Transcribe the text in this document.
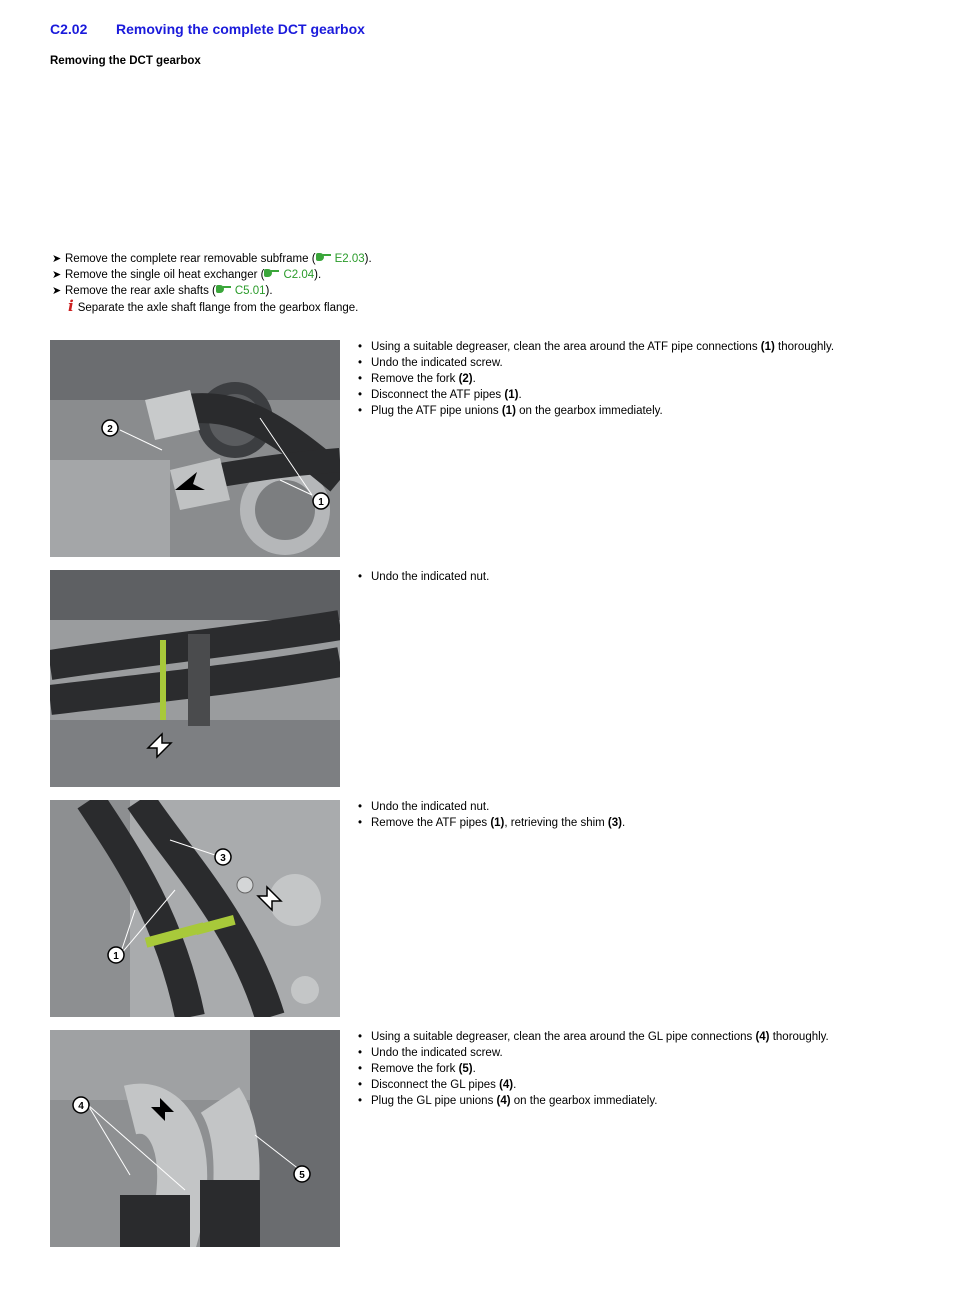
C2.02 Removing the complete DCT gearbox
Removing the DCT gearbox
➤ Remove the complete rear removable subframe ( E2.03).
➤ Remove the single oil heat exchanger ( C2.04).
➤ Remove the rear axle shafts ( C5.01).
i Separate the axle shaft flange from the gearbox flange.
2
1
• Using a suitable degreaser, clean the area around the ATF pipe connections (1) thoroughly.
• Undo the indicated screw.
• Remove the fork (2).
• Disconnect the ATF pipes (1).
• Plug the ATF pipe unions (1) on the gearbox immediately.
• Undo the indicated nut.
3
1
• Undo the indicated nut.
• Remove the ATF pipes (1), retrieving the shim (3).
4
5
• Using a suitable degreaser, clean the area around the GL pipe connections (4) thoroughly.
• Undo the indicated screw.
• Remove the fork (5).
• Disconnect the GL pipes (4).
• Plug the GL pipe unions (4) on the gearbox immediately.
